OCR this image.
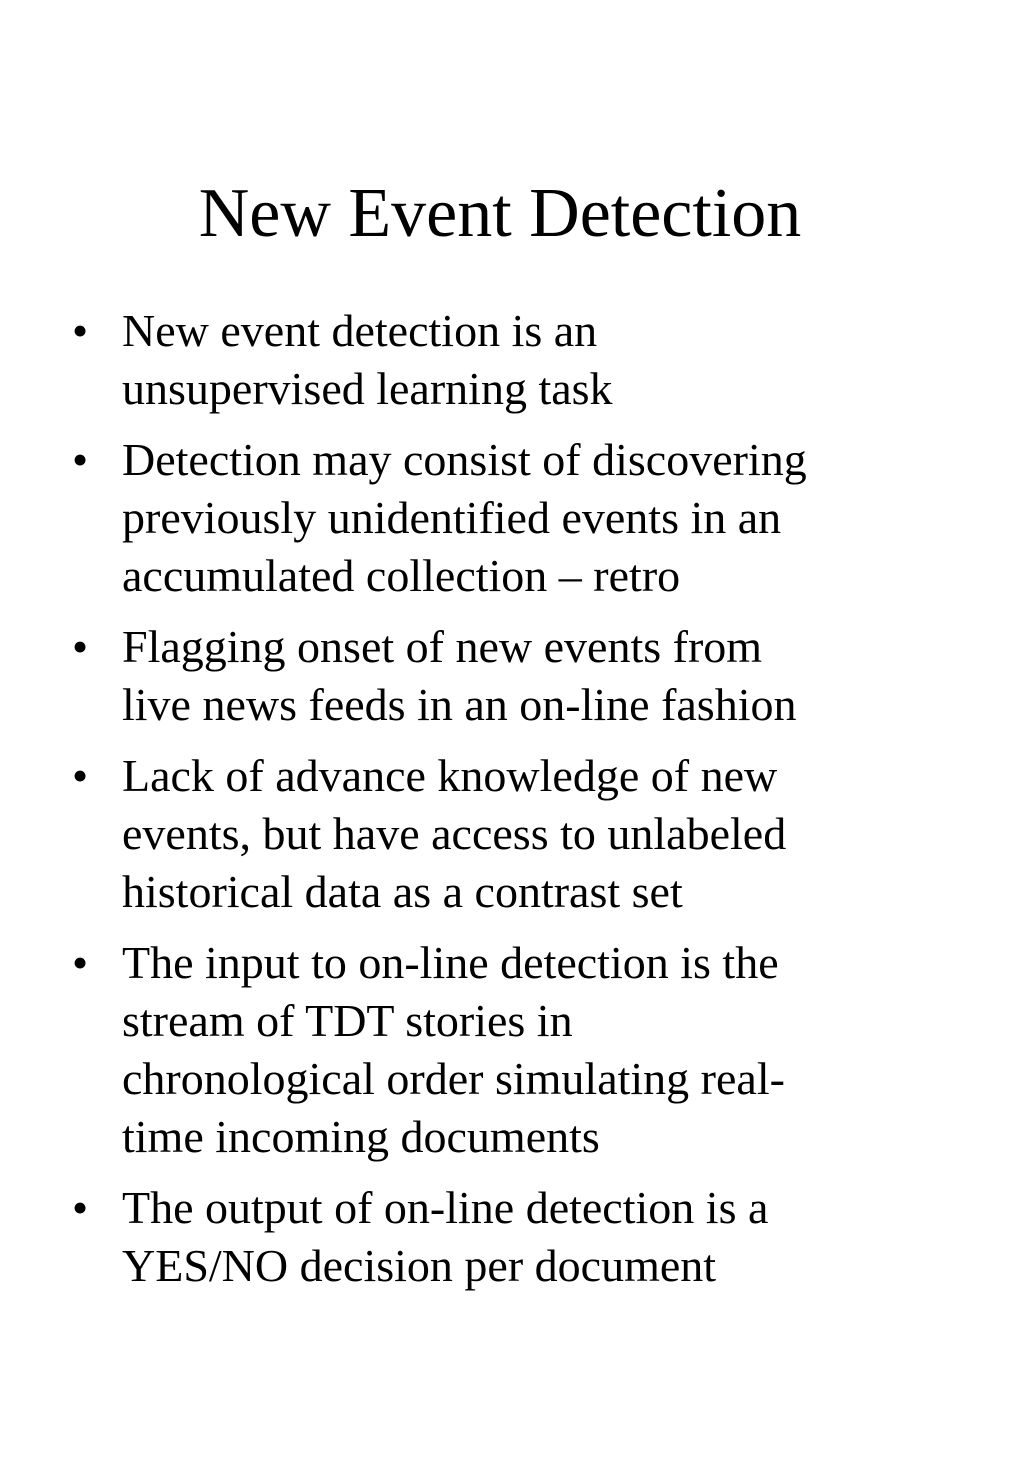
New Event Detection
• New event detection is an
unsupervised learning task
• Detection may consist of discovering
previously unidentified events in an
accumulated collection – retro
• Flagging onset of new events from
live news feeds in an on-line fashion
• Lack of advance knowledge of new
events, but have access to unlabeled
historical data as a contrast set
• The input to on-line detection is the
stream of TDT stories in
chronological order simulating real-
time incoming documents
• The output of on-line detection is a
YES/NO decision per document
